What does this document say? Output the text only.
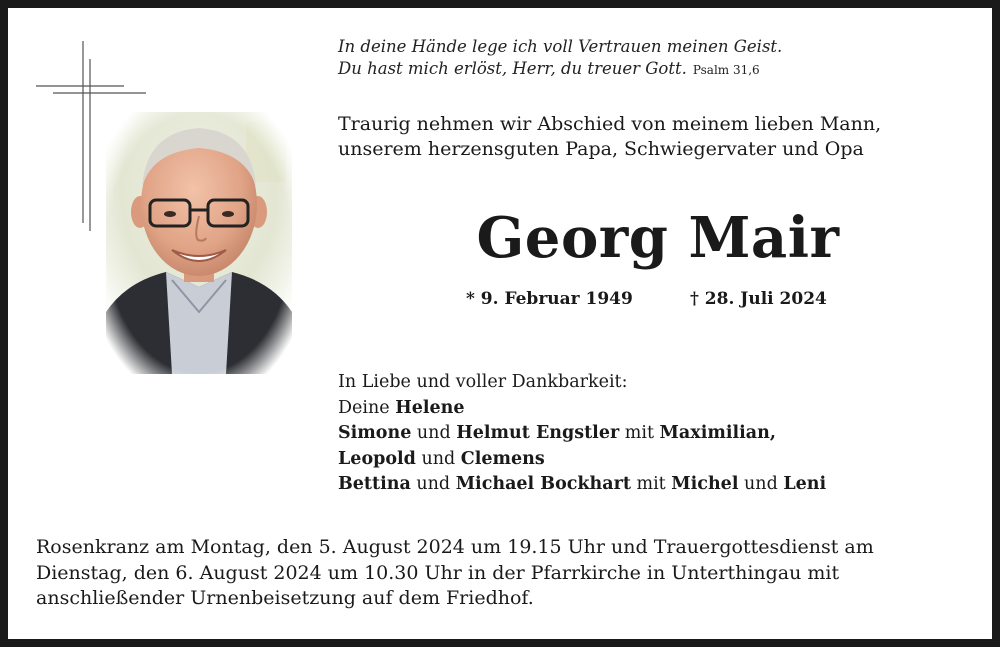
In deine Hände lege ich voll Vertrauen meinen Geist.
Du hast mich erlöst, Herr, du treuer Gott. Psalm 31,6
Traurig nehmen wir Abschied von meinem lieben Mann,
unserem herzensguten Papa, Schwiegervater und Opa
Georg Mair
* 9. Februar 1949	† 28. Juli 2024
In Liebe und voller Dankbarkeit:
Deine Helene
Simone und Helmut Engstler mit Maximilian,
Leopold und Clemens
Bettina und Michael Bockhart mit Michel und Leni
Rosenkranz am Montag, den 5. August 2024 um 19.15 Uhr und Trauergottesdienst am
Dienstag, den 6. August 2024 um 10.30 Uhr in der Pfarrkirche in Unterthingau mit
anschließender Urnenbeisetzung auf dem Friedhof.
